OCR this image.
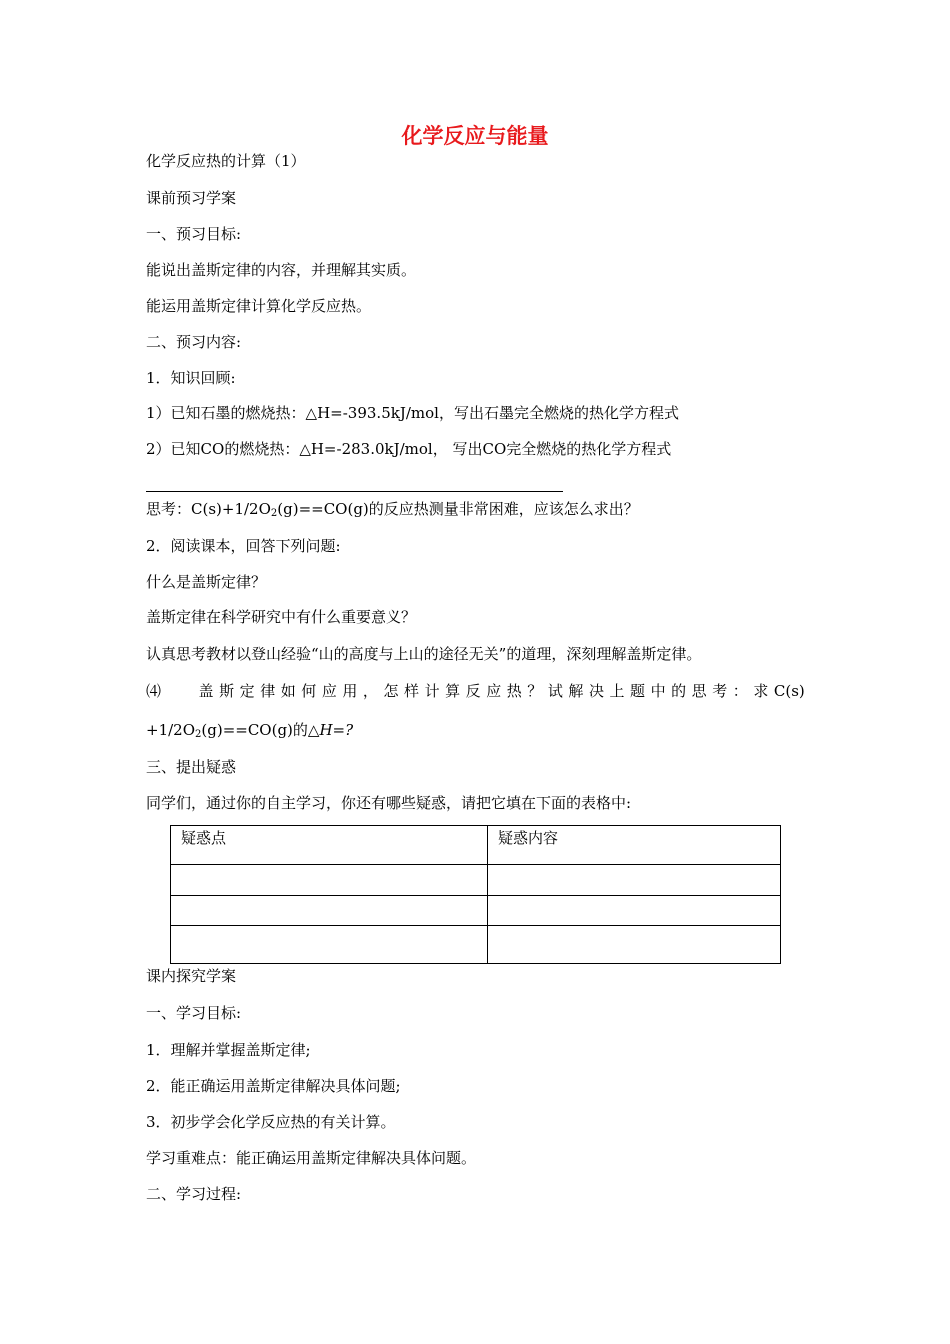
化学反应与能量
化学反应热的计算（1）
课前预习学案
一、预习目标:
能说出盖斯定律的内容，并理解其实质。
能运用盖斯定律计算化学反应热。
二、预习内容:
1．知识回顾:
1）已知石墨的燃烧热：△H=-393.5kJ/mol，写出石墨完全燃烧的热化学方程式
2）已知CO的燃烧热：△H=-283.0kJ/mol， 写出CO完全燃烧的热化学方程式
思考：$C(s)+1/2O_2(g)==CO(g)$的反应热测量非常困难，应该怎么求出？
2．阅读课本，回答下列问题:
什么是盖斯定律？
盖斯定律在科学研究中有什么重要意义？
认真思考教材以登山经验“山的高度与上山的途径无关”的道理，深刻理解盖斯定律。
⑷	盖 斯 定 律 如 何 应 用 ， 怎 样 计 算 反 应 热 ？ 试 解 决 上 题 中 的 思 考 ： 求 C(s)
$+1/2O_2(g)==CO(g)$的△H=?
三、提出疑惑
同学们，通过你的自主学习，你还有哪些疑惑，请把它填在下面的表格中:
疑惑点	疑惑内容

课内探究学案
一、学习目标:
1．理解并掌握盖斯定律;
2．能正确运用盖斯定律解决具体问题;
3．初步学会化学反应热的有关计算。
学习重难点：能正确运用盖斯定律解决具体问题。
二、学习过程:
